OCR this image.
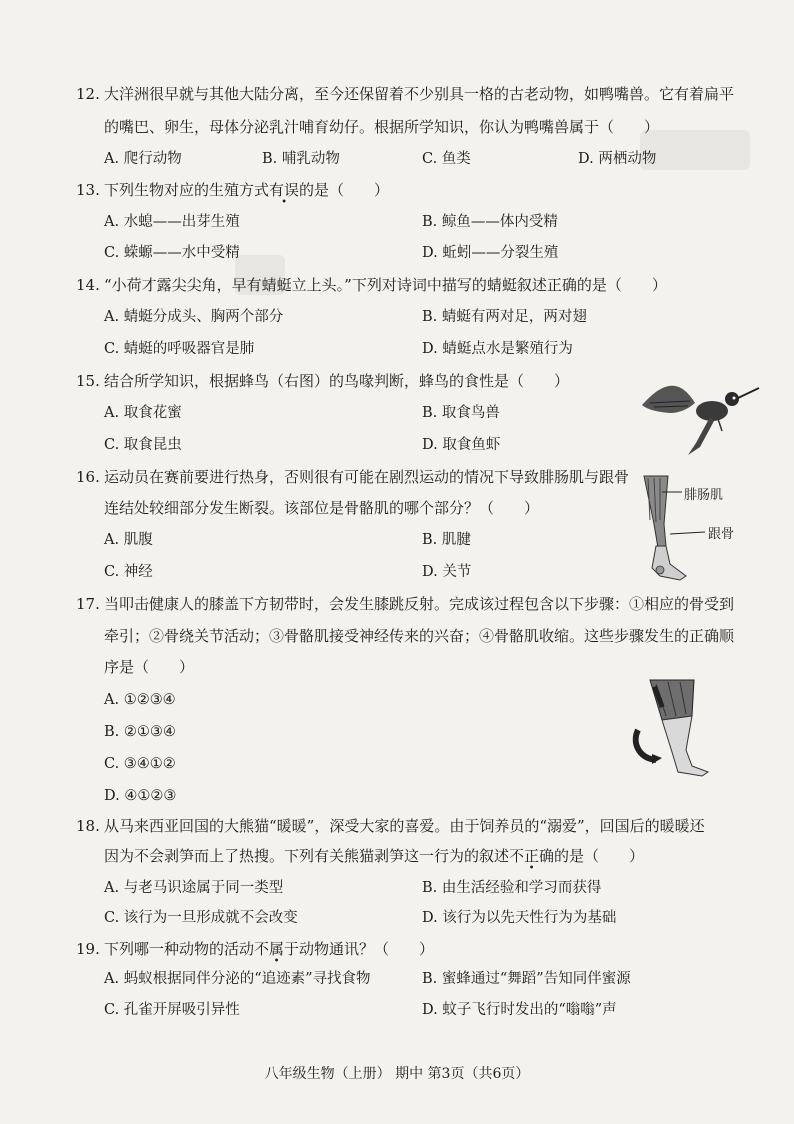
12. 大洋洲很早就与其他大陆分离，至今还保留着不少别具一格的古老动物，如鸭嘴兽。它有着扁平
的嘴巴、卵生，母体分泌乳汁哺育幼仔。根据所学知识，你认为鸭嘴兽属于（　　）
A. 爬行动物	B. 哺乳动物	C. 鱼类	D. 两栖动物
13. 下列生物对应的生殖方式有误的是（　　）
A. 水螅——出芽生殖	B. 鲸鱼——体内受精
C. 蝾螈——水中受精	D. 蚯蚓——分裂生殖
14. “小荷才露尖尖角，早有蜻蜓立上头。”下列对诗词中描写的蜻蜓叙述正确的是（　　）
A. 蜻蜓分成头、胸两个部分	B. 蜻蜓有两对足，两对翅
C. 蜻蜓的呼吸器官是肺	D. 蜻蜓点水是繁殖行为
15. 结合所学知识，根据蜂鸟（右图）的鸟喙判断，蜂鸟的食性是（　　）
A. 取食花蜜	B. 取食鸟兽
C. 取食昆虫	D. 取食鱼虾
16. 运动员在赛前要进行热身，否则很有可能在剧烈运动的情况下导致腓肠肌与跟骨
连结处较细部分发生断裂。该部位是骨骼肌的哪个部分？（　　）
A. 肌腹	B. 肌腱
C. 神经	D. 关节
腓肠肌
跟骨
17. 当叩击健康人的膝盖下方韧带时，会发生膝跳反射。完成该过程包含以下步骤：①相应的骨受到
牵引；②骨绕关节活动；③骨骼肌接受神经传来的兴奋；④骨骼肌收缩。这些步骤发生的正确顺
序是（　　）
A. ①②③④
B. ②①③④
C. ③④①②
D. ④①②③
18. 从马来西亚回国的大熊猫“暖暖”，深受大家的喜爱。由于饲养员的“溺爱”，回国后的暖暖还
因为不会剥笋而上了热搜。下列有关熊猫剥笋这一行为的叙述不正确的是（　　）
A. 与老马识途属于同一类型	B. 由生活经验和学习而获得
C. 该行为一旦形成就不会改变	D. 该行为以先天性行为为基础
19. 下列哪一种动物的活动不属于动物通讯？（　　）
A. 蚂蚁根据同伴分泌的“追迹素”寻找食物	B. 蜜蜂通过“舞蹈”告知同伴蜜源
C. 孔雀开屏吸引异性	D. 蚊子飞行时发出的“嗡嗡”声
八年级生物（上册） 期中 第3页（共6页）
